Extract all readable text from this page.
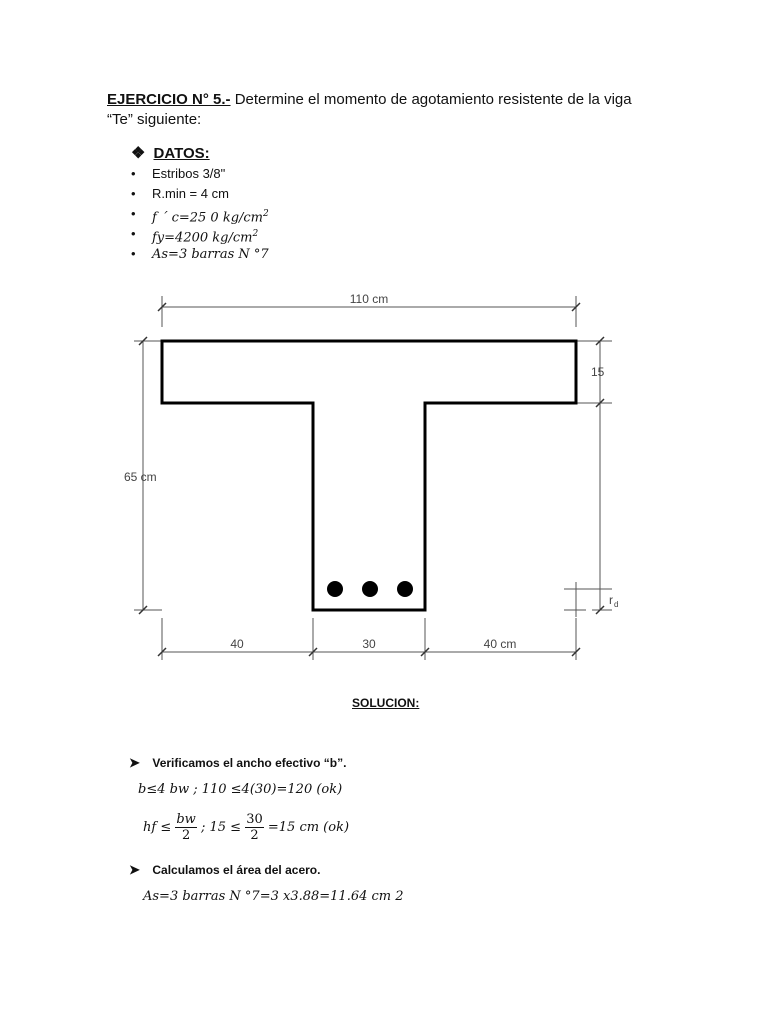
EJERCICIO N° 5.- Determine el momento de agotamiento resistente de la viga
“Te” siguiente:
❖ DATOS:
• Estribos 3/8"
• R.min = 4 cm
• f ´ c=25 0 $kg/cm^2$
• fy=4200 $kg/cm^2$
• As=3 barras N °7
110 cm
15
65 cm
r d
40	30	40 cm
SOLUCION:
➤ Verificamos el ancho efectivo “b”.
b≤4 bw ; 110 ≤4(30)=120 (ok)
hf ≤ $\frac{bw}{2}$ ; $15 \le \frac{30}{2} =15$ cm (ok)
➤ Calculamos el área del acero.
As=3 barras N °7=3 x3.88=11.64 cm 2
